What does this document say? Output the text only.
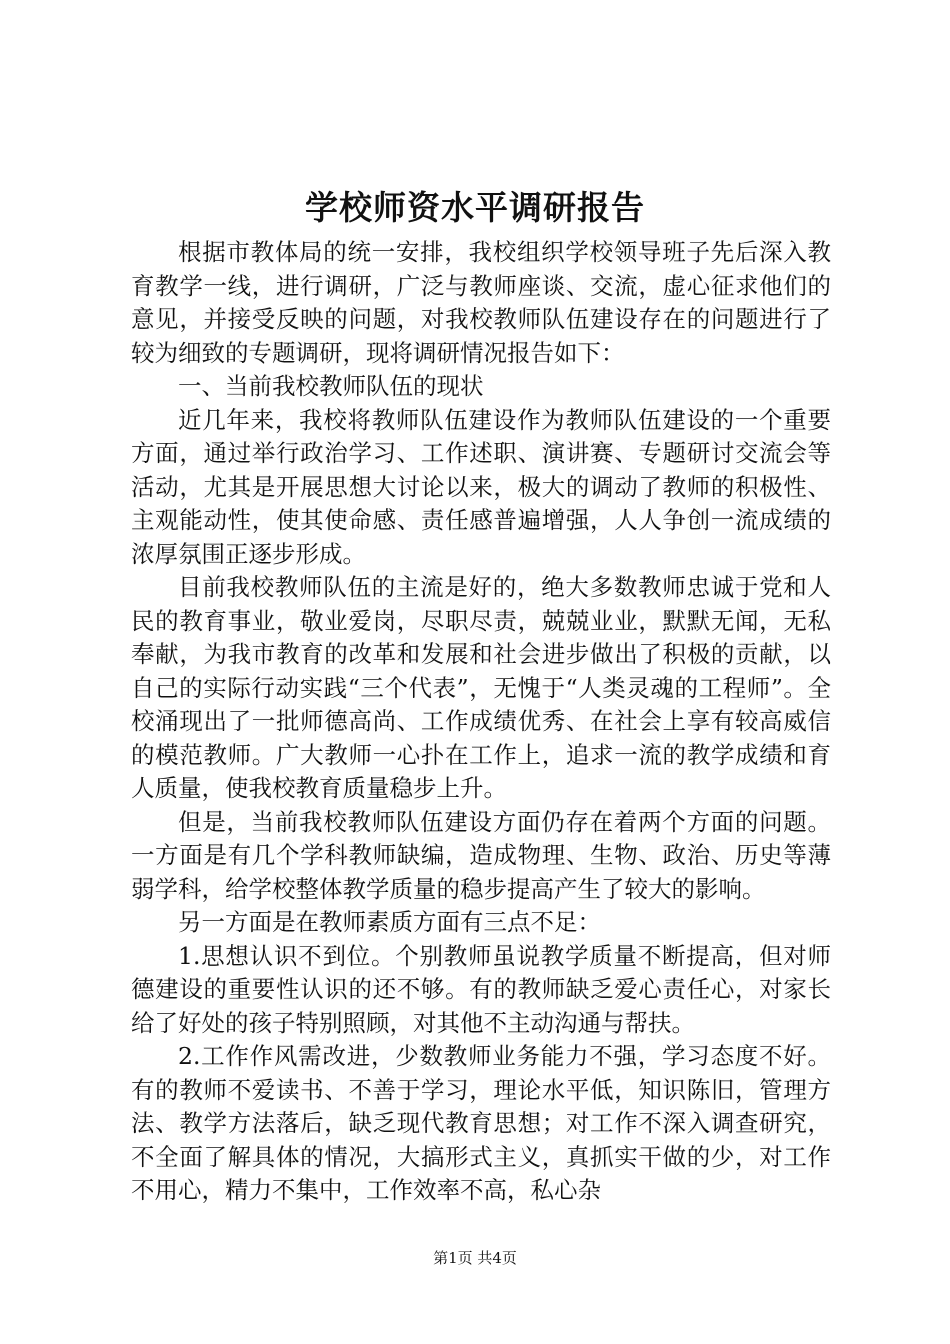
学校师资水平调研报告

根据市教体局的统一安排，我校组织学校领导班子先后深入教育教学一线，进行调研，广泛与教师座谈、交流，虚心征求他们的意见，并接受反映的问题，对我校教师队伍建设存在的问题进行了较为细致的专题调研，现将调研情况报告如下：

一、当前我校教师队伍的现状

近几年来，我校将教师队伍建设作为教师队伍建设的一个重要方面，通过举行政治学习、工作述职、演讲赛、专题研讨交流会等活动，尤其是开展思想大讨论以来，极大的调动了教师的积极性、主观能动性，使其使命感、责任感普遍增强，人人争创一流成绩的浓厚氛围正逐步形成。

目前我校教师队伍的主流是好的，绝大多数教师忠诚于党和人民的教育事业，敬业爱岗，尽职尽责，兢兢业业，默默无闻，无私奉献，为我市教育的改革和发展和社会进步做出了积极的贡献，以自己的实际行动实践“三个代表”，无愧于“人类灵魂的工程师”。全校涌现出了一批师德高尚、工作成绩优秀、在社会上享有较高威信的模范教师。广大教师一心扑在工作上，追求一流的教学成绩和育人质量，使我校教育质量稳步上升。

但是，当前我校教师队伍建设方面仍存在着两个方面的问题。一方面是有几个学科教师缺编，造成物理、生物、政治、历史等薄弱学科，给学校整体教学质量的稳步提高产生了较大的影响。

另一方面是在教师素质方面有三点不足：

1.思想认识不到位。个别教师虽说教学质量不断提高，但对师德建设的重要性认识的还不够。有的教师缺乏爱心责任心，对家长给了好处的孩子特别照顾，对其他不主动沟通与帮扶。

2.工作作风需改进，少数教师业务能力不强，学习态度不好。有的教师不爱读书、不善于学习，理论水平低，知识陈旧，管理方法、教学方法落后，缺乏现代教育思想；对工作不深入调查研究，不全面了解具体的情况，大搞形式主义，真抓实干做的少，对工作不用心，精力不集中，工作效率不高，私心杂

第1页 共4页
